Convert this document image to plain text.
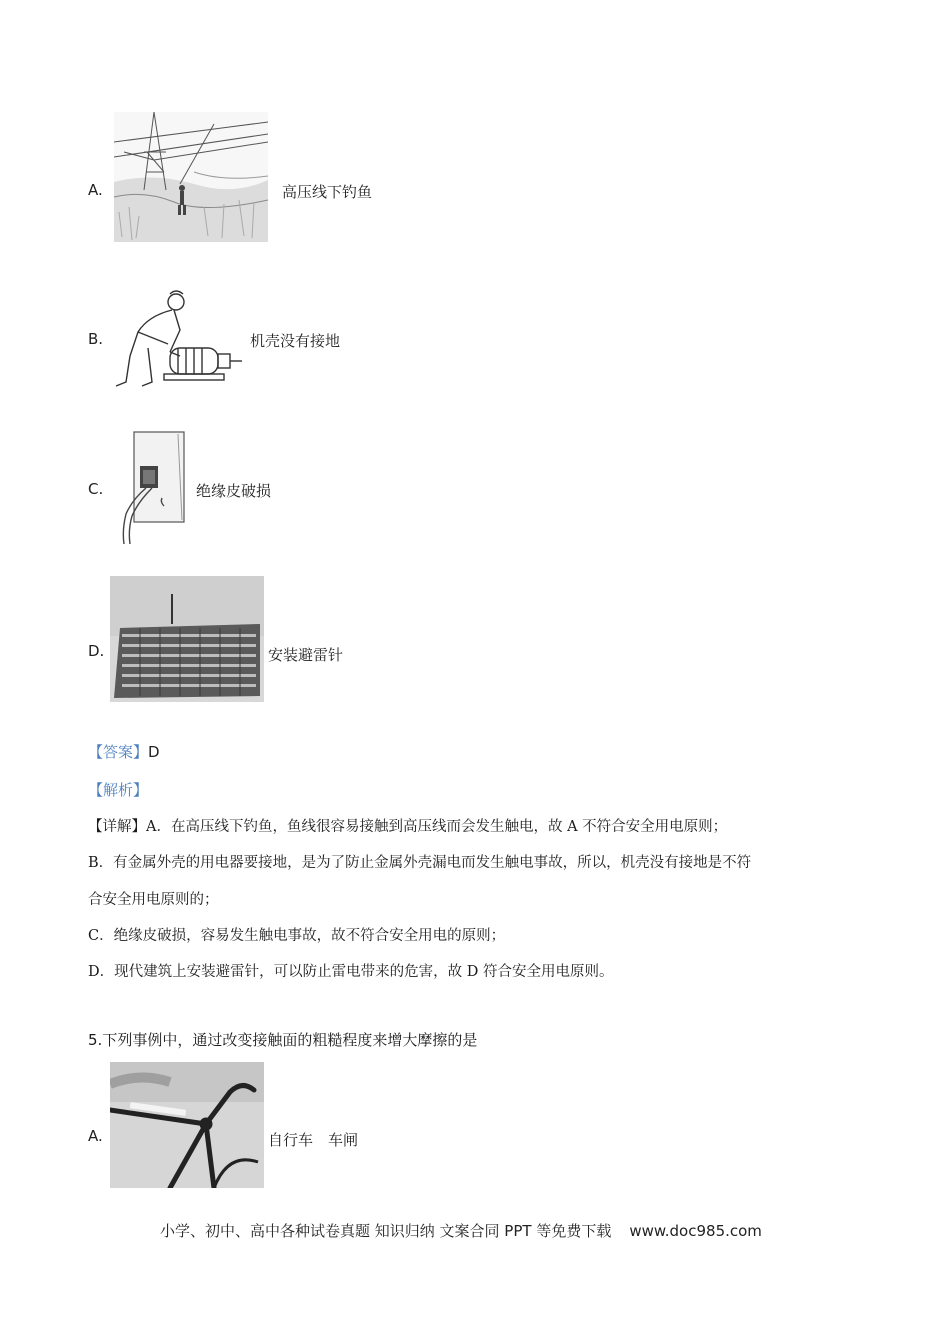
A.	高压线下钓鱼
B.	机壳没有接地
C.	绝缘皮破损
D.	安装避雷针
【答案】D
【解析】
【详解】A．在高压线下钓鱼，鱼线很容易接触到高压线而会发生触电，故 A 不符合安全用电原则；
B．有金属外壳的用电器要接地，是为了防止金属外壳漏电而发生触电事故，所以，机壳没有接地是不符
合安全用电原则的；
C．绝缘皮破损，容易发生触电事故，故不符合安全用电的原则；
D．现代建筑上安装避雷针，可以防止雷电带来的危害，故 D 符合安全用电原则。
5.下列事例中，通过改变接触面的粗糙程度来增大摩擦的是
A.	自行车　车闸
小学、初中、高中各种试卷真题 知识归纳 文案合同 PPT 等免费下载 www.doc985.com
